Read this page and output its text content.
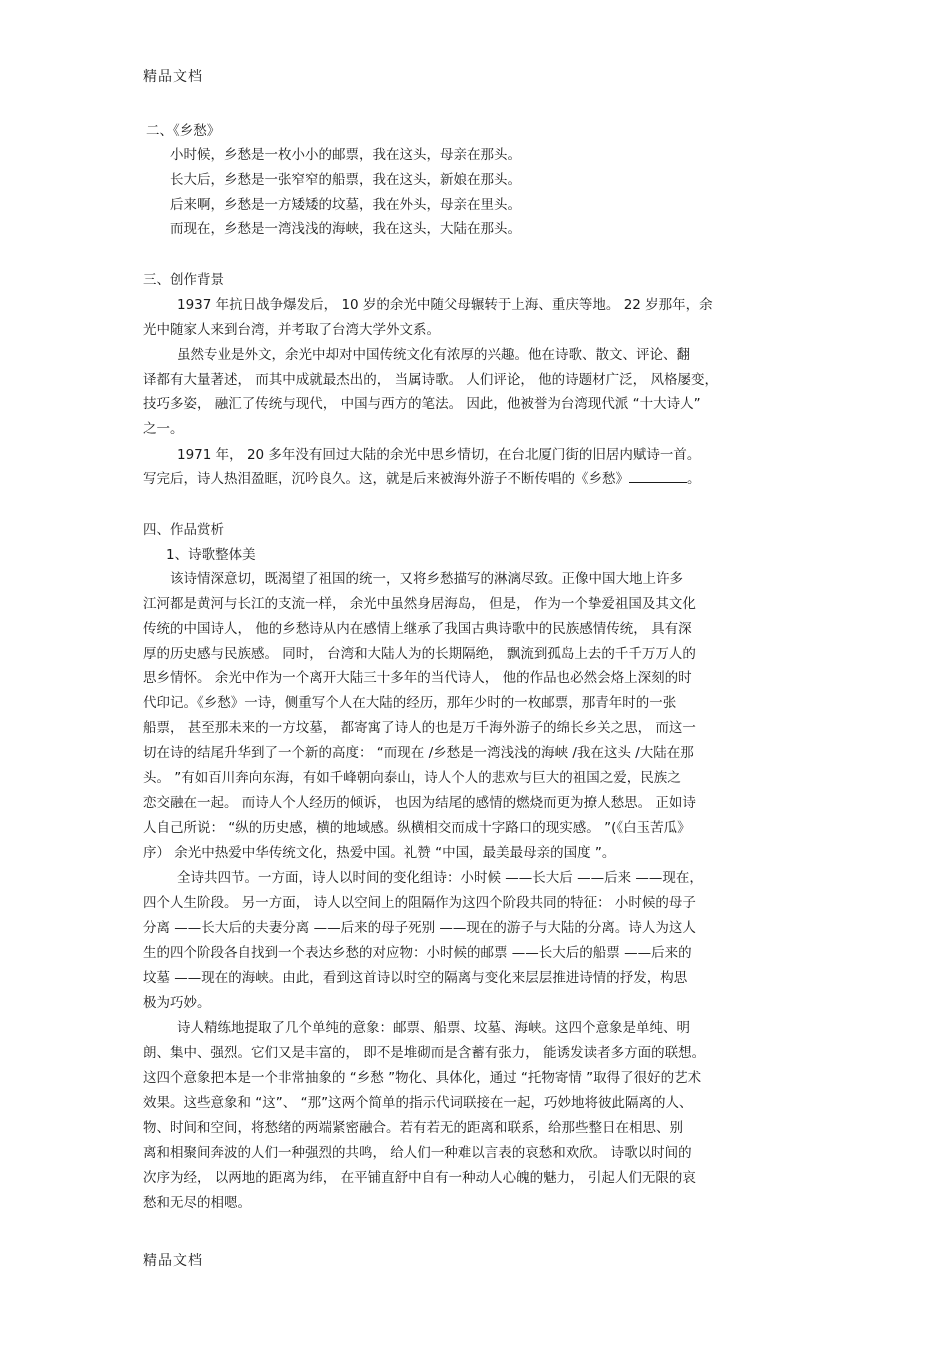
精品文档
二、《乡愁》
小时候，乡愁是一枚小小的邮票，我在这头，母亲在那头。
长大后，乡愁是一张窄窄的船票，我在这头，新娘在那头。
后来啊，乡愁是一方矮矮的坟墓，我在外头，母亲在里头。
而现在，乡愁是一湾浅浅的海峡，我在这头，大陆在那头。
三、创作背景
1937 年抗日战争爆发后， 10 岁的余光中随父母辗转于上海、重庆等地。 22 岁那年，余
光中随家人来到台湾，并考取了台湾大学外文系。
虽然专业是外文，余光中却对中国传统文化有浓厚的兴趣。他在诗歌、散文、评论、翻
译都有大量著述， 而其中成就最杰出的， 当属诗歌。 人们评论， 他的诗题材广泛， 风格屡变，
技巧多姿， 融汇了传统与现代， 中国与西方的笔法。 因此，他被誉为台湾现代派 “十大诗人”
之一。
1971 年， 20 多年没有回过大陆的余光中思乡情切，在台北厦门街的旧居内赋诗一首。
写完后，诗人热泪盈眶，沉吟良久。这，就是后来被海外游子不断传唱的《乡愁》	。
四、作品赏析
1、诗歌整体美
该诗情深意切，既渴望了祖国的统一，又将乡愁描写的淋漓尽致。正像中国大地上许多
江河都是黄河与长江的支流一样， 余光中虽然身居海岛， 但是， 作为一个挚爱祖国及其文化
传统的中国诗人， 他的乡愁诗从内在感情上继承了我国古典诗歌中的民族感情传统， 具有深
厚的历史感与民族感。 同时， 台湾和大陆人为的长期隔绝， 飘流到孤岛上去的千千万万人的
思乡情怀。 余光中作为一个离开大陆三十多年的当代诗人， 他的作品也必然会烙上深刻的时
代印记。《乡愁》一诗，侧重写个人在大陆的经历，那年少时的一枚邮票，那青年时的一张
船票， 甚至那未来的一方坟墓， 都寄寓了诗人的也是万千海外游子的绵长乡关之思， 而这一
切在诗的结尾升华到了一个新的高度： “而现在 /乡愁是一湾浅浅的海峡 /我在这头 /大陆在那
头。 ”有如百川奔向东海，有如千峰朝向泰山，诗人个人的悲欢与巨大的祖国之爱，民族之
恋交融在一起。 而诗人个人经历的倾诉， 也因为结尾的感情的燃烧而更为撩人愁思。 正如诗
人自己所说： “纵的历史感，横的地域感。纵横相交而成十字路口的现实感。 ”(《白玉苦瓜》
序） 余光中热爱中华传统文化，热爱中国。礼赞 “中国，最美最母亲的国度 ”。
全诗共四节。一方面，诗人以时间的变化组诗：小时候 ——长大后 ——后来 ——现在，
四个人生阶段。 另一方面， 诗人以空间上的阻隔作为这四个阶段共同的特征： 小时候的母子
分离 ——长大后的夫妻分离 ——后来的母子死别 ——现在的游子与大陆的分离。诗人为这人
生的四个阶段各自找到一个表达乡愁的对应物：小时候的邮票 ——长大后的船票 ——后来的
坟墓 ——现在的海峡。由此，看到这首诗以时空的隔离与变化来层层推进诗情的抒发，构思
极为巧妙。
诗人精练地提取了几个单纯的意象：邮票、船票、坟墓、海峡。这四个意象是单纯、明
朗、集中、强烈。它们又是丰富的， 即不是堆砌而是含蓄有张力， 能诱发读者多方面的联想。
这四个意象把本是一个非常抽象的 “乡愁 ”物化、具体化，通过 “托物寄情 ”取得了很好的艺术
效果。这些意象和 “这”、 “那”这两个简单的指示代词联接在一起，巧妙地将彼此隔离的人、
物、时间和空间，将愁绪的两端紧密融合。若有若无的距离和联系，给那些整日在相思、别
离和相聚间奔波的人们一种强烈的共鸣， 给人们一种难以言表的哀愁和欢欣。 诗歌以时间的
次序为经， 以两地的距离为纬， 在平铺直舒中自有一种动人心魄的魅力， 引起人们无限的哀
愁和无尽的相嗯。
精品文档
